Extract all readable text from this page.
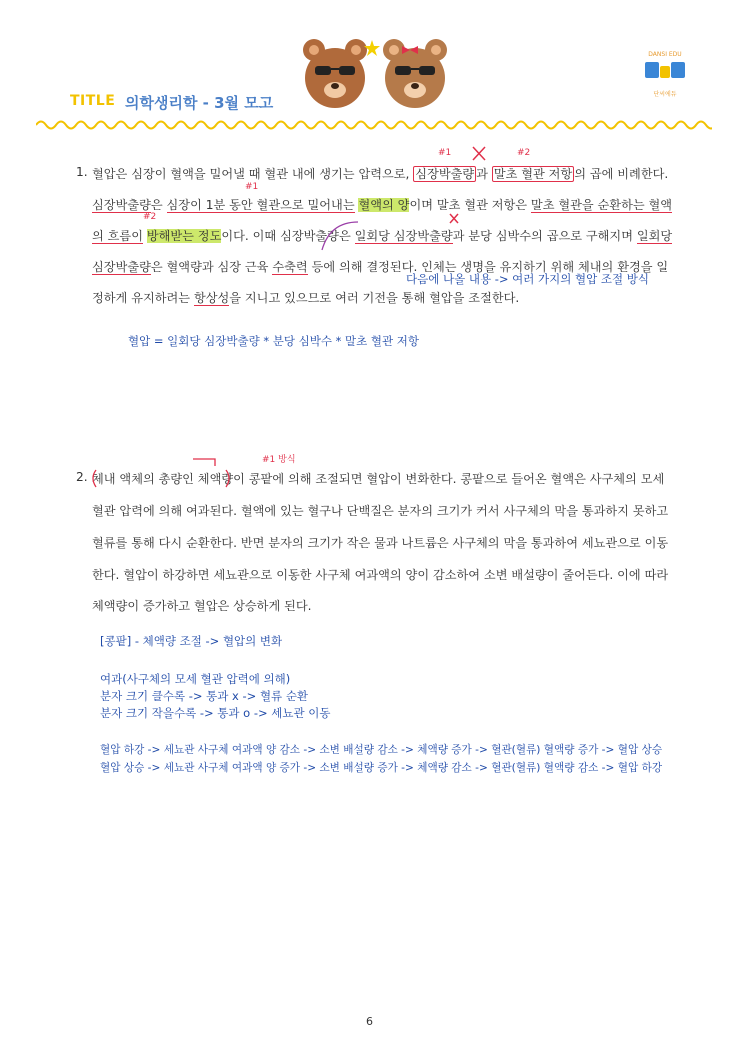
TITLE 의학생리학 - 3월 모고
DANSI EDU
단씨에듀
1. 혈압은 심장이 혈액을 밀어낼 때 혈관 내에 생기는 압력으로, 심장박출량 과 말초 혈관 저항 의 곱에 비례한다.
심장박출량은 심장이 1분 동안 혈관으로 밀어내는 혈액의 양이며 말초 혈관 저항은 말초 혈관을 순환하는 혈액
의 흐름이 방해받는 정도이다. 이때 심장박출량은 일회당 심장박출량과 분당 심박수의 곱으로 구해지며 일회당
심장박출량은 혈액량과 심장 근육 수축력 등에 의해 결정된다. 인체는 생명을 유지하기 위해 체내의 환경을 일
정하게 유지하려는 항상성을 지니고 있으므로 여러 기전을 통해 혈압을 조절한다.
#1	#2
#1
#2
다음에 나올 내용 -> 여러 가지의 혈압 조절 방식
혈압 = 일회당 심장박출량 * 분당 심박수 * 말초 혈관 저항
2.
#1 방식
체내 액체의 총량인 체액량이 콩팥에 의해 조절되면 혈압이 변화한다. 콩팥으로 들어온 혈액은 사구체의 모세
혈관 압력에 의해 여과된다. 혈액에 있는 혈구나 단백질은 분자의 크기가 커서 사구체의 막을 통과하지 못하고
혈류를 통해 다시 순환한다. 반면 분자의 크기가 작은 물과 나트륨은 사구체의 막을 통과하여 세뇨관으로 이동
한다. 혈압이 하강하면 세뇨관으로 이동한 사구체 여과액의 양이 감소하여 소변 배설량이 줄어든다. 이에 따라
체액량이 증가하고 혈압은 상승하게 된다.
[콩팥] - 체액량 조절 -> 혈압의 변화
여과(사구체의 모세 혈관 압력에 의해)
분자 크기 클수록 -> 통과 x -> 혈류 순환
분자 크기 작을수록 -> 통과 o -> 세뇨관 이동
혈압 하강 -> 세뇨관 사구체 여과액 양 감소 -> 소변 배설량 감소 -> 체액량 증가 -> 혈관(혈류) 혈액량 증가 -> 혈압 상승
혈압 상승 -> 세뇨관 사구체 여과액 양 증가 -> 소변 배설량 증가 -> 체액량 감소 -> 혈관(혈류) 혈액량 감소 -> 혈압 하강
6
